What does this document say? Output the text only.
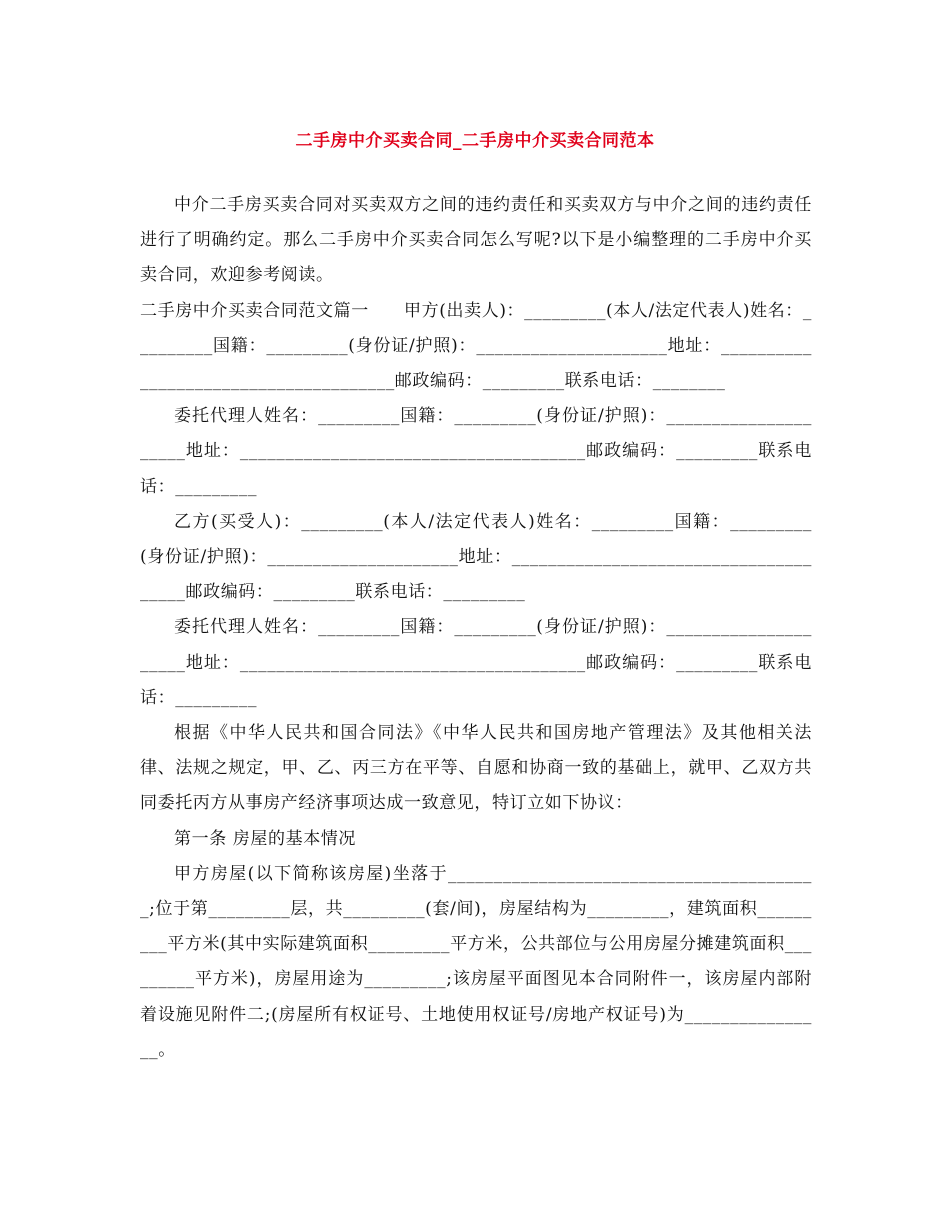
二手房中介买卖合同_二手房中介买卖合同范本

中介二手房买卖合同对买卖双方之间的违约责任和买卖双方与中介之间的违约责任进行了明确约定。那么二手房中介买卖合同怎么写呢?以下是小编整理的二手房中介买卖合同，欢迎参考阅读。

二手房中介买卖合同范文篇一　　甲方(出卖人)：_________(本人/法定代表人)姓名：_________国籍：_________(身份证/护照)：_____________________地址：______________________________________邮政编码：_________联系电话：________

委托代理人姓名：_________国籍：_________(身份证/护照)：_____________________地址：______________________________________邮政编码：_________联系电话：_________

乙方(买受人)：_________(本人/法定代表人)姓名：_________国籍：_________(身份证/护照)：_____________________地址：______________________________________邮政编码：_________联系电话：_________

委托代理人姓名：_________国籍：_________(身份证/护照)：_____________________地址：______________________________________邮政编码：_________联系电话：_________

根据《中华人民共和国合同法》《中华人民共和国房地产管理法》及其他相关法律、法规之规定，甲、乙、丙三方在平等、自愿和协商一致的基础上，就甲、乙双方共同委托丙方从事房产经济事项达成一致意见，特订立如下协议：

第一条 房屋的基本情况

甲方房屋(以下简称该房屋)坐落于_________________________________________;位于第_________层，共_________(套/间)，房屋结构为_________，建筑面积_________平方米(其中实际建筑面积_________平方米，公共部位与公用房屋分摊建筑面积_________平方米)，房屋用途为_________;该房屋平面图见本合同附件一，该房屋内部附着设施见附件二;(房屋所有权证号、土地使用权证号/房地产权证号)为________________。
